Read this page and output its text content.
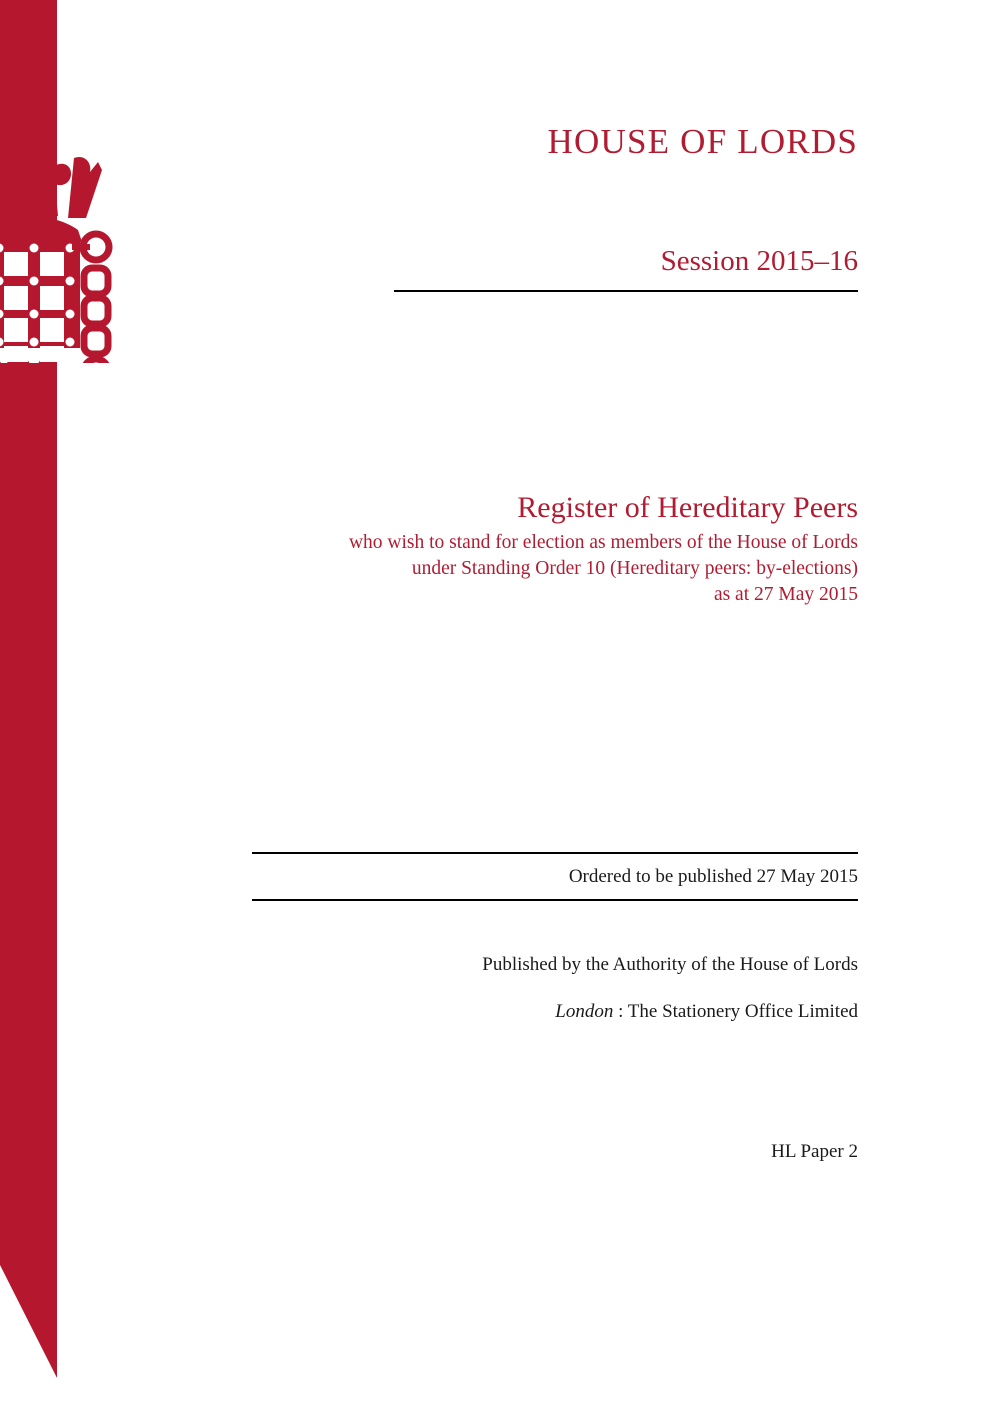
HOUSE OF LORDS
Session 2015–16
Register of Hereditary Peers
who wish to stand for election as members of the House of Lords
under Standing Order 10 (Hereditary peers: by-elections)
as at 27 May 2015
Ordered to be published 27 May 2015
Published by the Authority of the House of Lords
London : The Stationery Office Limited
HL Paper 2
